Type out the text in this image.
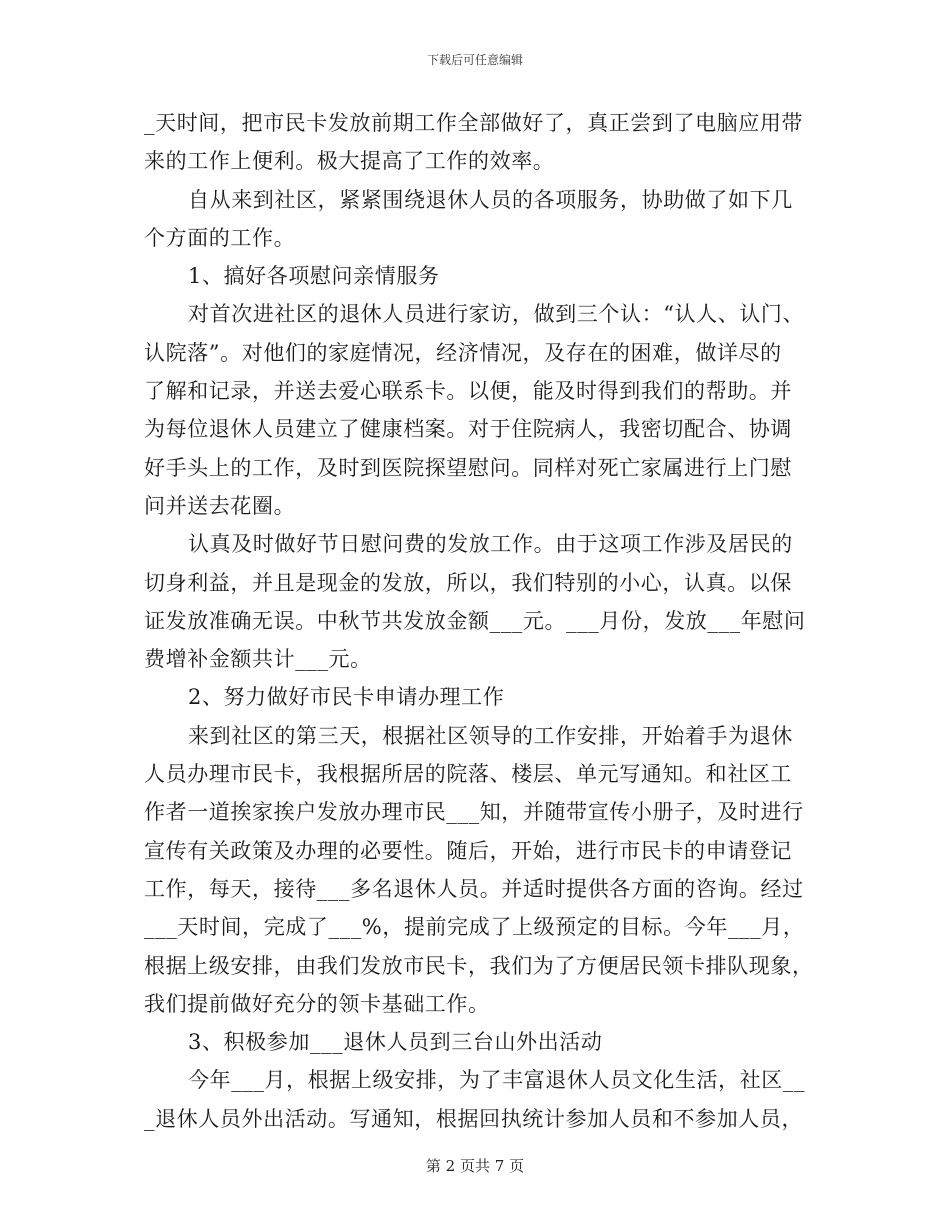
下载后可任意编辑
_天时间，把市民卡发放前期工作全部做好了，真正尝到了电脑应用带
来的工作上便利。极大提高了工作的效率。
自从来到社区，紧紧围绕退休人员的各项服务，协助做了如下几
个方面的工作。
1、搞好各项慰问亲情服务
对首次进社区的退休人员进行家访，做到三个认：“认人、认门、
认院落”。对他们的家庭情况，经济情况，及存在的困难，做详尽的
了解和记录，并送去爱心联系卡。以便，能及时得到我们的帮助。并
为每位退休人员建立了健康档案。对于住院病人，我密切配合、协调
好手头上的工作，及时到医院探望慰问。同样对死亡家属进行上门慰
问并送去花圈。
认真及时做好节日慰问费的发放工作。由于这项工作涉及居民的
切身利益，并且是现金的发放，所以，我们特别的小心，认真。以保
证发放准确无误。中秋节共发放金额___元。___月份，发放___年慰问
费增补金额共计___元。
2、努力做好市民卡申请办理工作
来到社区的第三天，根据社区领导的工作安排，开始着手为退休
人员办理市民卡，我根据所居的院落、楼层、单元写通知。和社区工
作者一道挨家挨户发放办理市民___知，并随带宣传小册子，及时进行
宣传有关政策及办理的必要性。随后，开始，进行市民卡的申请登记
工作，每天，接待___多名退休人员。并适时提供各方面的咨询。经过
___天时间，完成了___%，提前完成了上级预定的目标。今年___月，
根据上级安排，由我们发放市民卡，我们为了方便居民领卡排队现象，
我们提前做好充分的领卡基础工作。
3、积极参加___退休人员到三台山外出活动
今年___月，根据上级安排，为了丰富退休人员文化生活，社区__
_退休人员外出活动。写通知，根据回执统计参加人员和不参加人员，
第 2 页共 7 页
